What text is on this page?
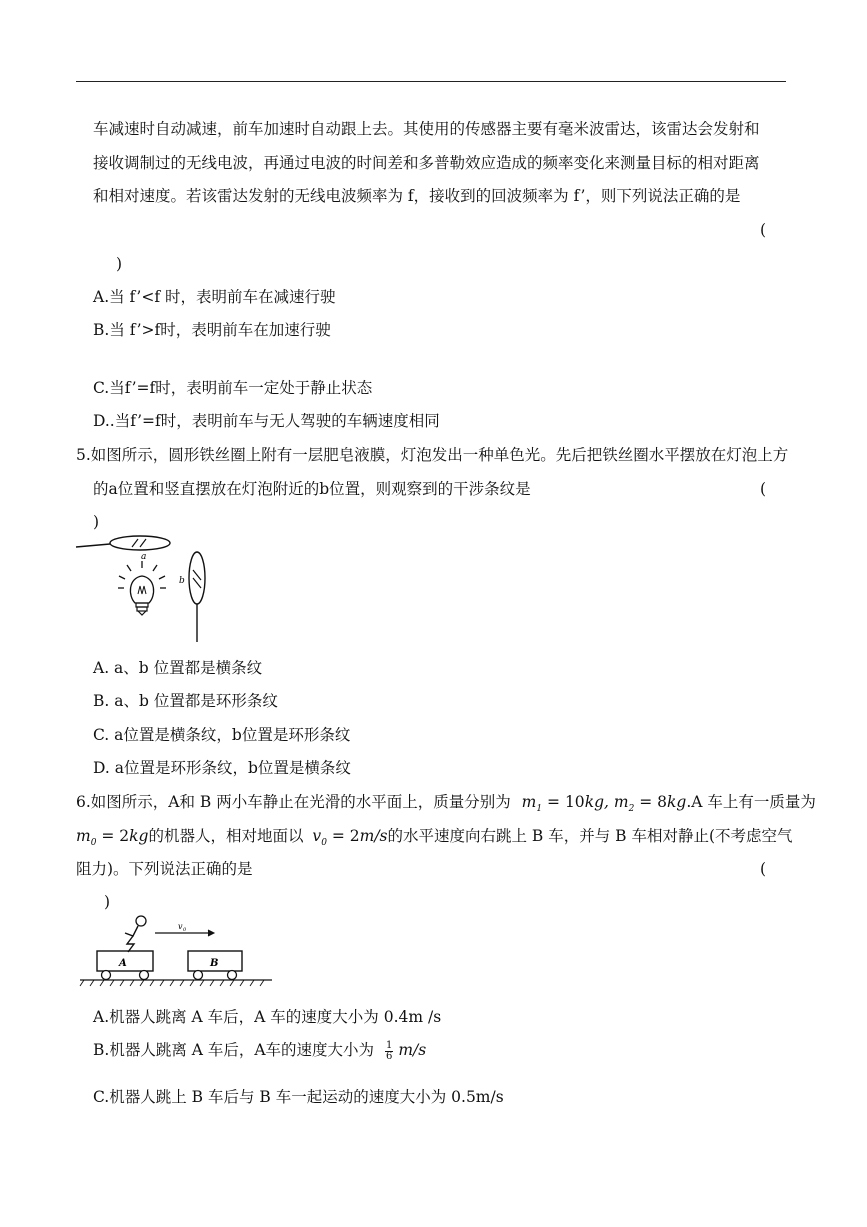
车减速时自动减速，前车加速时自动跟上去。其使用的传感器主要有毫米波雷达，该雷达会发射和
接收调制过的无线电波，再通过电波的时间差和多普勒效应造成的频率变化来测量目标的相对距离
和相对速度。若该雷达发射的无线电波频率为 f，接收到的回波频率为 f’，则下列说法正确的是
(
)
A.当 f’<f 时，表明前车在减速行驶
B.当 f’>f时，表明前车在加速行驶
C.当f’=f时，表明前车一定处于静止状态
D..当f’=f时，表明前车与无人驾驶的车辆速度相同
5.如图所示，圆形铁丝圈上附有一层肥皂液膜，灯泡发出一种单色光。先后把铁丝圈水平摆放在灯泡上方
的a位置和竖直摆放在灯泡附近的b位置，则观察到的干涉条纹是	(
)
a
b
A. a、b 位置都是横条纹
B. a、b 位置都是环形条纹
C. a位置是横条纹，b位置是环形条纹
D. a位置是环形条纹，b位置是横条纹
6.如图所示，A和 B 两小车静止在光滑的水平面上，质量分别为 $m_1 = 10kg$, $m_2 = 8kg.A$ 车上有一质量为
$m_0 = 2kg$的机器人，相对地面以 $v_0 = 2m/s$的水平速度向右跳上 B 车，并与 B 车相对静止(不考虑空气
阻力)。下列说法正确的是	(
)
v 0
A	B
A.机器人跳离 A 车后，A 车的速度大小为 0.4m /s
B.机器人跳离 A 车后，A车的速度大小为 $\frac{1}{6} m/s$
C.机器人跳上 B 车后与 B 车一起运动的速度大小为 0.5m/s
